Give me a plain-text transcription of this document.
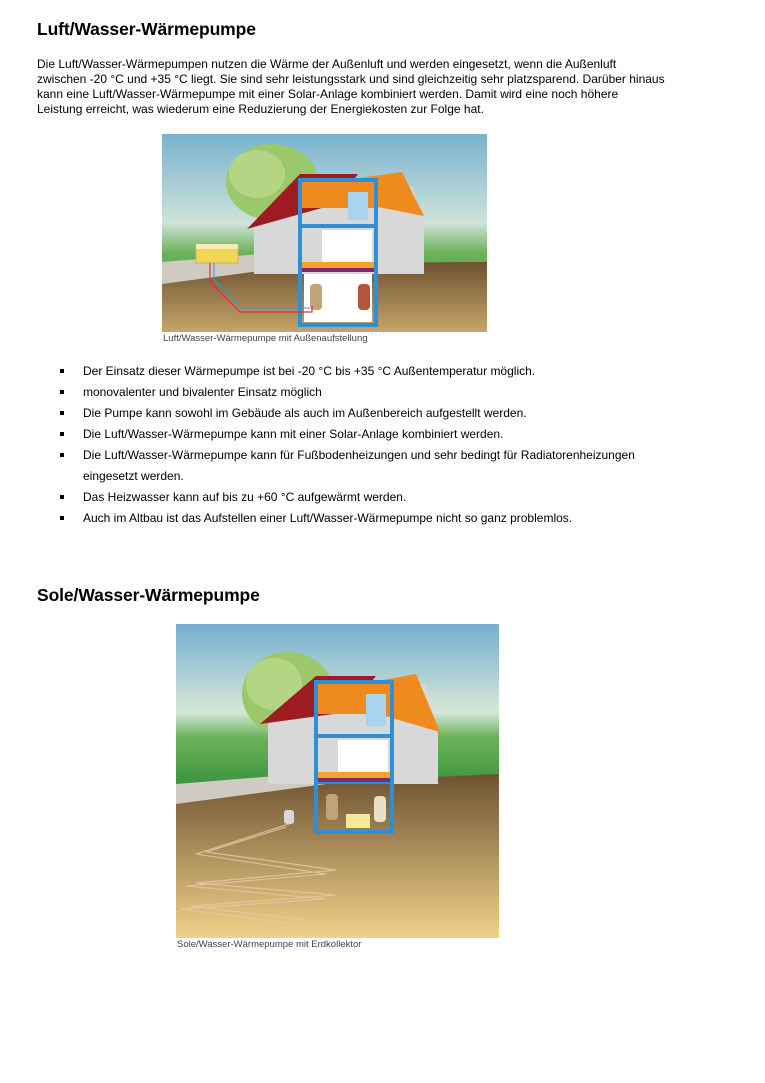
Luft/Wasser-Wärmepumpe
Die Luft/Wasser-Wärmepumpen nutzen die Wärme der Außenluft und werden eingesetzt, wenn die Außenluft
zwischen -20 °C und +35 °C liegt. Sie sind sehr leistungsstark und sind gleichzeitig sehr platzsparend. Darüber hinaus
kann eine Luft/Wasser-Wärmepumpe mit einer Solar-Anlage kombiniert werden. Damit wird eine noch höhere
Leistung erreicht, was wiederum eine Reduzierung der Energiekosten zur Folge hat.
Luft/Wasser-Wärmepumpe mit Außenaufstellung
Der Einsatz dieser Wärmepumpe ist bei -20 °C bis +35 °C Außentemperatur möglich.
monovalenter und bivalenter Einsatz möglich
Die Pumpe kann sowohl im Gebäude als auch im Außenbereich aufgestellt werden.
Die Luft/Wasser-Wärmepumpe kann mit einer Solar-Anlage kombiniert werden.
Die Luft/Wasser-Wärmepumpe kann für Fußbodenheizungen und sehr bedingt für Radiatorenheizungen
eingesetzt werden.
Das Heizwasser kann auf bis zu +60 °C aufgewärmt werden.
Auch im Altbau ist das Aufstellen einer Luft/Wasser-Wärmepumpe nicht so ganz problemlos.
Sole/Wasser-Wärmepumpe
Sole/Wasser-Wärmepumpe mit Erdkollektor
